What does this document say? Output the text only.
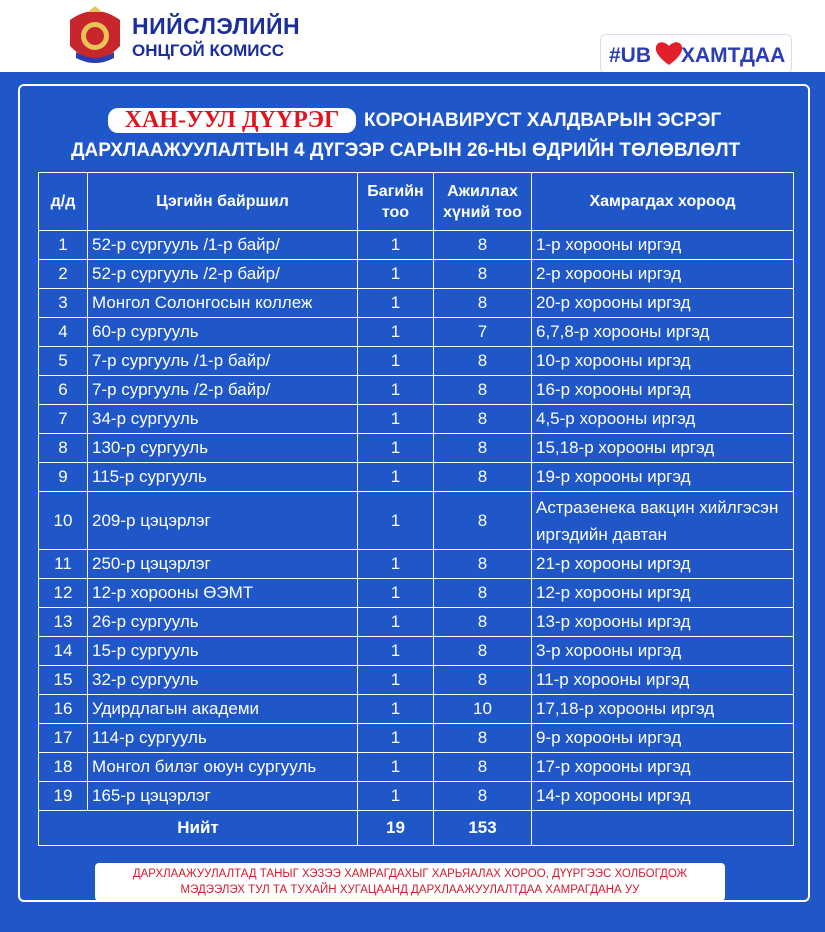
НИЙСЛЭЛИЙН
ОНЦГОЙ КОМИСС	#UB ХАМТДАА
ХАН-УУЛ ДҮҮРЭГ	КОРОНАВИРУСТ ХАЛДВАРЫН ЭСРЭГ
ДАРХЛААЖУУЛАЛТЫН 4 ДҮГЭЭР САРЫН 26-НЫ ӨДРИЙН ТӨЛӨВЛӨЛТ
д/д	Цэгийн байршил	Багийн тоо	Ажиллах хүний тоо	Хамрагдах хороод
1	52-р сургууль /1-р байр/	1	8	1-р хорооны иргэд
2	52-р сургууль /2-р байр/	1	8	2-р хорооны иргэд
3	Монгол Солонгосын коллеж	1	8	20-р хорооны иргэд
4	60-р сургууль	1	7	6,7,8-р хорооны иргэд
5	7-р сургууль /1-р байр/	1	8	10-р хорооны иргэд
6	7-р сургууль /2-р байр/	1	8	16-р хорооны иргэд
7	34-р сургууль	1	8	4,5-р хорооны иргэд
8	130-р сургууль	1	8	15,18-р хорооны иргэд
9	115-р сургууль	1	8	19-р хорооны иргэд
10	209-р цэцэрлэг	1	8	Астразенека вакцин хийлгэсэн иргэдийн давтан
11	250-р цэцэрлэг	1	8	21-р хорооны иргэд
12	12-р хорооны ӨЭМТ	1	8	12-р хорооны иргэд
13	26-р сургууль	1	8	13-р хорооны иргэд
14	15-р сургууль	1	8	3-р хорооны иргэд
15	32-р сургууль	1	8	11-р хорооны иргэд
16	Удирдлагын академи	1	10	17,18-р хорооны иргэд
17	114-р сургууль	1	8	9-р хорооны иргэд
18	Монгол билэг оюун сургууль	1	8	17-р хорооны иргэд
19	165-р цэцэрлэг	1	8	14-р хорооны иргэд
Нийт		19	153	
ДАРХЛААЖУУЛАЛТАД ТАНЫГ ХЭЗЭЭ ХАМРАГДАХЫГ ХАРЬЯАЛАХ ХОРОО, ДҮҮРГЭЭС ХОЛБОГДОЖ
МЭДЭЭЛЭХ ТУЛ ТА ТУХАЙН ХУГАЦААНД ДАРХЛААЖУУЛАЛТДАА ХАМРАГДАНА УУ
